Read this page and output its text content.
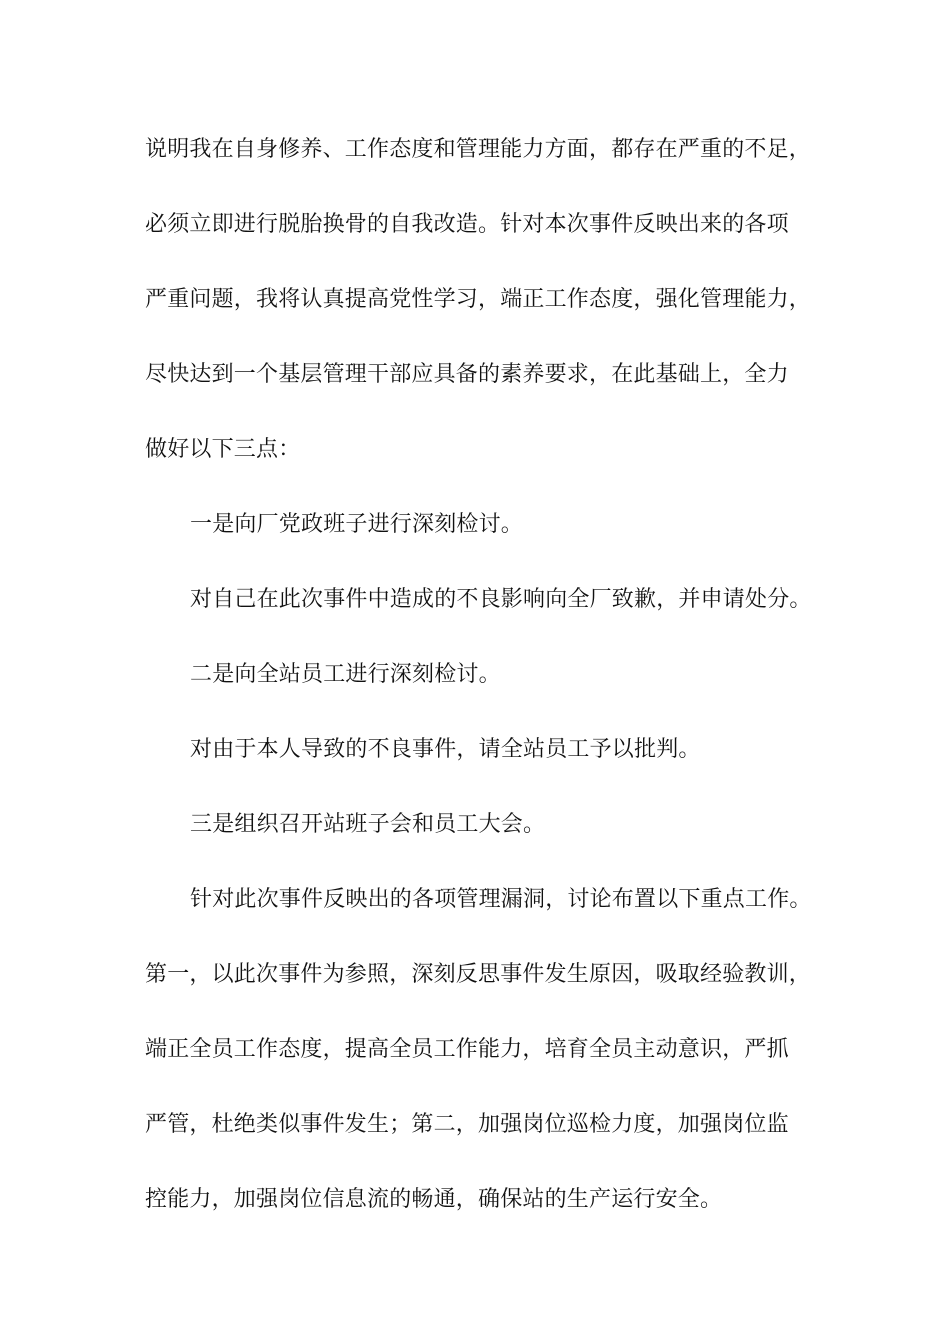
说明我在自身修养、工作态度和管理能力方面，都存在严重的不足，
必须立即进行脱胎换骨的自我改造。针对本次事件反映出来的各项
严重问题，我将认真提高党性学习，端正工作态度，强化管理能力，
尽快达到一个基层管理干部应具备的素养要求，在此基础上，全力
做好以下三点：
一是向厂党政班子进行深刻检讨。
对自己在此次事件中造成的不良影响向全厂致歉，并申请处分。
二是向全站员工进行深刻检讨。
对由于本人导致的不良事件，请全站员工予以批判。
三是组织召开站班子会和员工大会。
针对此次事件反映出的各项管理漏洞，讨论布置以下重点工作。
第一，以此次事件为参照，深刻反思事件发生原因，吸取经验教训，
端正全员工作态度，提高全员工作能力，培育全员主动意识，严抓
严管，杜绝类似事件发生；第二，加强岗位巡检力度，加强岗位监
控能力，加强岗位信息流的畅通，确保站的生产运行安全。
